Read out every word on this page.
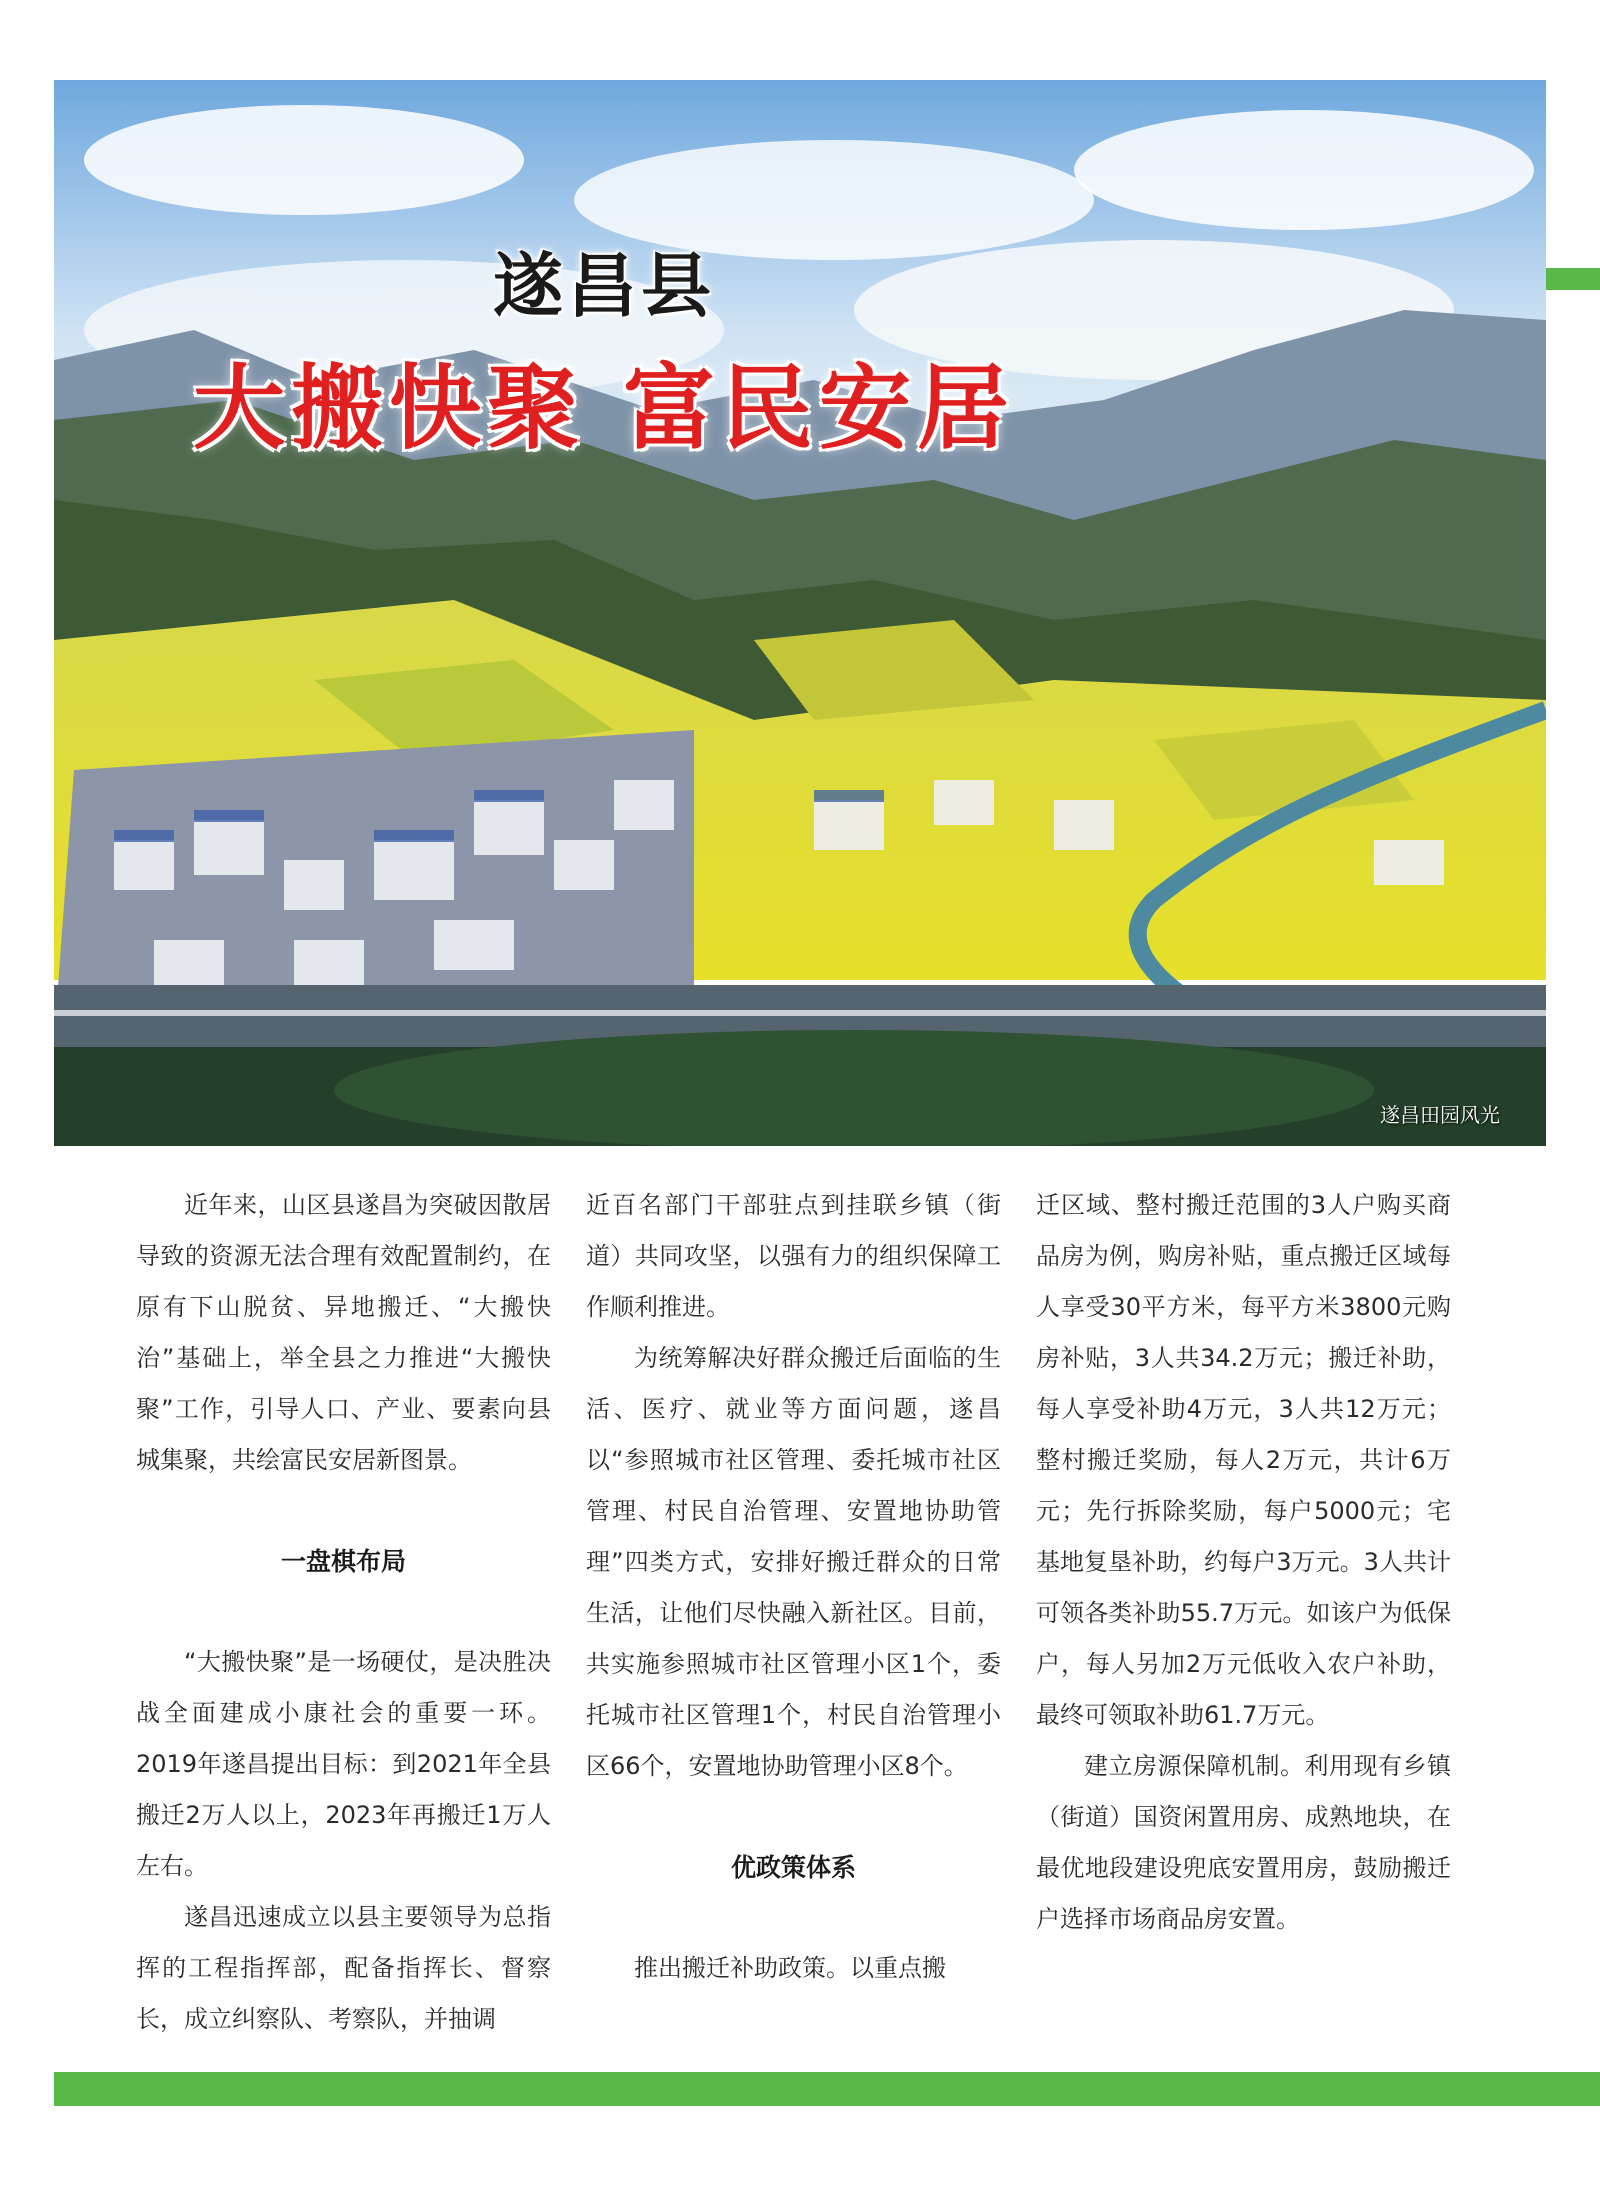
遂昌县
大搬快聚 富民安居
遂昌田园风光

近年来，山区县遂昌为突破因散居导致的资源无法合理有效配置制约，在原有下山脱贫、异地搬迁、“大搬快治”基础上，举全县之力推进“大搬快聚”工作，引导人口、产业、要素向县城集聚，共绘富民安居新图景。

一盘棋布局

“大搬快聚”是一场硬仗，是决胜决战全面建成小康社会的重要一环。2019年遂昌提出目标：到2021年全县搬迁2万人以上，2023年再搬迁1万人左右。

遂昌迅速成立以县主要领导为总指挥的工程指挥部，配备指挥长、督察长，成立纠察队、考察队，并抽调

近百名部门干部驻点到挂联乡镇（街道）共同攻坚，以强有力的组织保障工作顺利推进。

为统筹解决好群众搬迁后面临的生活、医疗、就业等方面问题，遂昌以“参照城市社区管理、委托城市社区管理、村民自治管理、安置地协助管理”四类方式，安排好搬迁群众的日常生活，让他们尽快融入新社区。目前，共实施参照城市社区管理小区1个，委托城市社区管理1个，村民自治管理小区66个，安置地协助管理小区8个。

优政策体系

推出搬迁补助政策。以重点搬

迁区域、整村搬迁范围的3人户购买商品房为例，购房补贴，重点搬迁区域每人享受30平方米，每平方米3800元购房补贴，3人共34.2万元；搬迁补助，每人享受补助4万元，3人共12万元；整村搬迁奖励，每人2万元，共计6万元；先行拆除奖励，每户5000元；宅基地复垦补助，约每户3万元。3人共计可领各类补助55.7万元。如该户为低保户，每人另加2万元低收入农户补助，最终可领取补助61.7万元。

建立房源保障机制。利用现有乡镇（街道）国资闲置用房、成熟地块，在最优地段建设兜底安置用房，鼓励搬迁户选择市场商品房安置。
